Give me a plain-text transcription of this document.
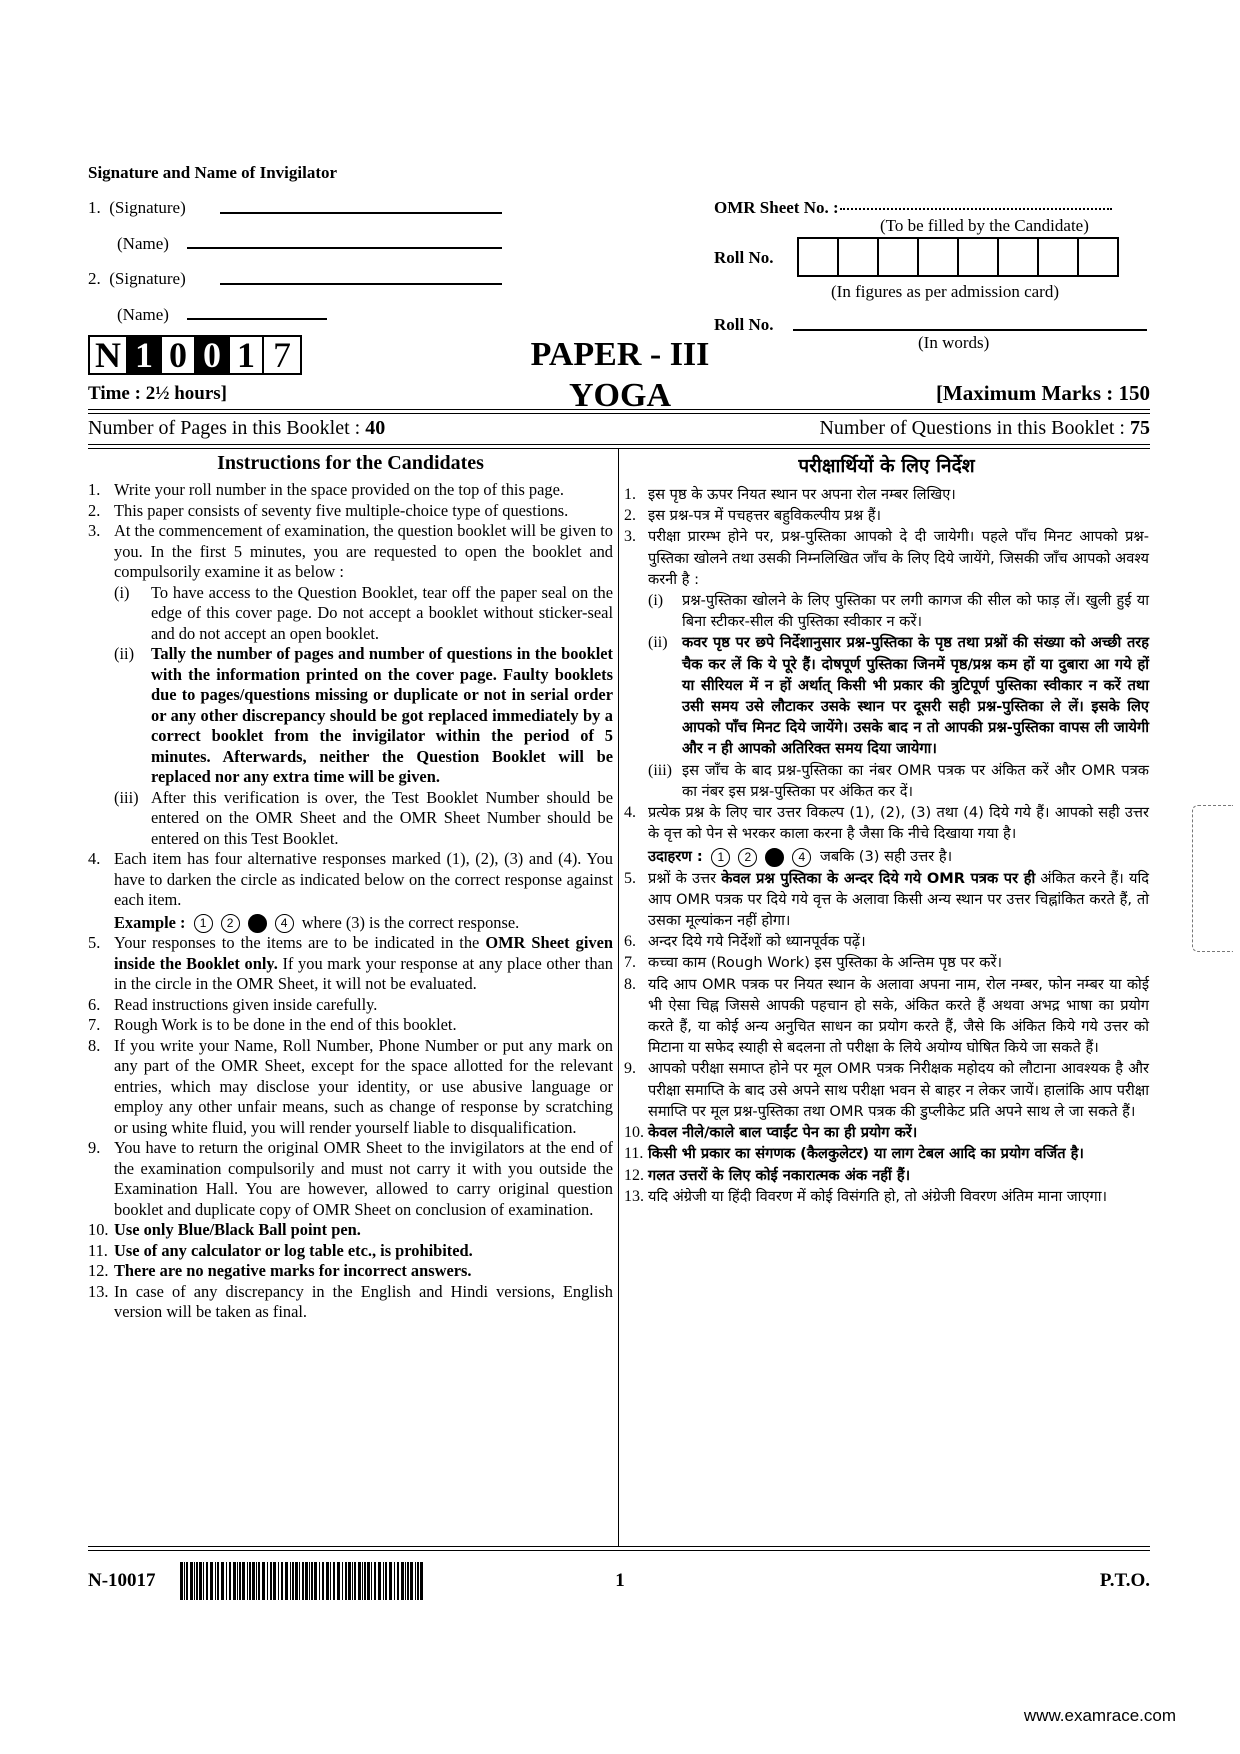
Signature and Name of Invigilator
1. (Signature)
(Name)
2. (Signature)
(Name)
OMR Sheet No. :
(To be filled by the Candidate)
Roll No.
(In figures as per admission card)
Roll No.
(In words)
N 1 0 0 1 7	PAPER - III
YOGA
Time : 2½ hours]	[Maximum Marks : 150
Number of Pages in this Booklet : 40	Number of Questions in this Booklet : 75
Instructions for the Candidates
1. Write your roll number in the space provided on the top of this page.
2. This paper consists of seventy five multiple-choice type of questions.
3. At the commencement of examination, the question booklet will be given to you. In the first 5 minutes, you are requested to open the booklet and compulsorily examine it as below :
(i)	To have access to the Question Booklet, tear off the paper seal on the edge of this cover page. Do not accept a booklet without sticker-seal and do not accept an open booklet.
(ii)	Tally the number of pages and number of questions in the booklet with the information printed on the cover page. Faulty booklets due to pages/questions missing or duplicate or not in serial order or any other discrepancy should be got replaced immediately by a correct booklet from the invigilator within the period of 5 minutes. Afterwards, neither the Question Booklet will be replaced nor any extra time will be given.
(iii) After this verification is over, the Test Booklet Number should be entered on the OMR Sheet and the OMR Sheet Number should be entered on this Test Booklet.
4. Each item has four alternative responses marked (1), (2), (3) and (4). You have to darken the circle as indicated below on the correct response against each item.
Example : 1 2	4 where (3) is the correct response.
5. Your responses to the items are to be indicated in the OMR Sheet given inside the Booklet only. If you mark your response at any place other than in the circle in the OMR Sheet, it will not be evaluated.
6. Read instructions given inside carefully.
7. Rough Work is to be done in the end of this booklet.
8. If you write your Name, Roll Number, Phone Number or put any mark on any part of the OMR Sheet, except for the space allotted for the relevant entries, which may disclose your identity, or use abusive language or employ any other unfair means, such as change of response by scratching or using white fluid, you will render yourself liable to disqualification.
9. You have to return the original OMR Sheet to the invigilators at the end of the examination compulsorily and must not carry it with you outside the Examination Hall. You are however, allowed to carry original question booklet and duplicate copy of OMR Sheet on conclusion of examination.
10. Use only Blue/Black Ball point pen.
11. Use of any calculator or log table etc., is prohibited.
12. There are no negative marks for incorrect answers.
13. In case of any discrepancy in the English and Hindi versions, English version will be taken as final.
परीक्षार्थियों के लिए निर्देश
1. इस पृष्ठ के ऊपर नियत स्थान पर अपना रोल नम्बर लिखिए।
2. इस प्रश्न-पत्र में पचहत्तर बहुविकल्पीय प्रश्न हैं।
3. परीक्षा प्रारम्भ होने पर, प्रश्न-पुस्तिका आपको दे दी जायेगी। पहले पाँच मिनट आपको प्रश्न-पुस्तिका खोलने तथा उसकी निम्नलिखित जाँच के लिए दिये जायेंगे, जिसकी जाँच आपको अवश्य करनी है :
(i)	प्रश्न-पुस्तिका खोलने के लिए पुस्तिका पर लगी कागज की सील को फाड़ लें। खुली हुई या बिना स्टीकर-सील की पुस्तिका स्वीकार न करें।
(ii) कवर पृष्ठ पर छपे निर्देशानुसार प्रश्न-पुस्तिका के पृष्ठ तथा प्रश्नों की संख्या को अच्छी तरह चैक कर लें कि ये पूरे हैं। दोषपूर्ण पुस्तिका जिनमें पृष्ठ/प्रश्न कम हों या दुबारा आ गये हों या सीरियल में न हों अर्थात् किसी भी प्रकार की त्रुटिपूर्ण पुस्तिका स्वीकार न करें तथा उसी समय उसे लौटाकर उसके स्थान पर दूसरी सही प्रश्न-पुस्तिका ले लें। इसके लिए आपको पाँच मिनट दिये जायेंगे। उसके बाद न तो आपकी प्रश्न-पुस्तिका वापस ली जायेगी और न ही आपको अतिरिक्त समय दिया जायेगा।
(iii) इस जाँच के बाद प्रश्न-पुस्तिका का नंबर OMR पत्रक पर अंकित करें और OMR पत्रक का नंबर इस प्रश्न-पुस्तिका पर अंकित कर दें।
4. प्रत्येक प्रश्न के लिए चार उत्तर विकल्प (1), (2), (3) तथा (4) दिये गये हैं। आपको सही उत्तर के वृत्त को पेन से भरकर काला करना है जैसा कि नीचे दिखाया गया है।
उदाहरण : 1 2	4 जबकि (3) सही उत्तर है।
5. प्रश्नों के उत्तर केवल प्रश्न पुस्तिका के अन्दर दिये गये OMR पत्रक पर ही अंकित करने हैं। यदि आप OMR पत्रक पर दिये गये वृत्त के अलावा किसी अन्य स्थान पर उत्तर चिह्नांकित करते हैं, तो उसका मूल्यांकन नहीं होगा।
6. अन्दर दिये गये निर्देशों को ध्यानपूर्वक पढ़ें।
7. कच्चा काम (Rough Work) इस पुस्तिका के अन्तिम पृष्ठ पर करें।
8. यदि आप OMR पत्रक पर नियत स्थान के अलावा अपना नाम, रोल नम्बर, फोन नम्बर या कोई भी ऐसा चिह्न जिससे आपकी पहचान हो सके, अंकित करते हैं अथवा अभद्र भाषा का प्रयोग करते हैं, या कोई अन्य अनुचित साधन का प्रयोग करते हैं, जैसे कि अंकित किये गये उत्तर को मिटाना या सफेद स्याही से बदलना तो परीक्षा के लिये अयोग्य घोषित किये जा सकते हैं।
9. आपको परीक्षा समाप्त होने पर मूल OMR पत्रक निरीक्षक महोदय को लौटाना आवश्यक है और परीक्षा समाप्ति के बाद उसे अपने साथ परीक्षा भवन से बाहर न लेकर जायें। हालांकि आप परीक्षा समाप्ति पर मूल प्रश्न-पुस्तिका तथा OMR पत्रक की डुप्लीकेट प्रति अपने साथ ले जा सकते हैं।
10. केवल नीले/काले बाल प्वाईंट पेन का ही प्रयोग करें।
11. किसी भी प्रकार का संगणक (कैलकुलेटर) या लाग टेबल आदि का प्रयोग वर्जित है।
12. गलत उत्तरों के लिए कोई नकारात्मक अंक नहीं हैं।
13. यदि अंग्रेजी या हिंदी विवरण में कोई विसंगति हो, तो अंग्रेजी विवरण अंतिम माना जाएगा।
N-10017	1	P.T.O.
www.examrace.com
